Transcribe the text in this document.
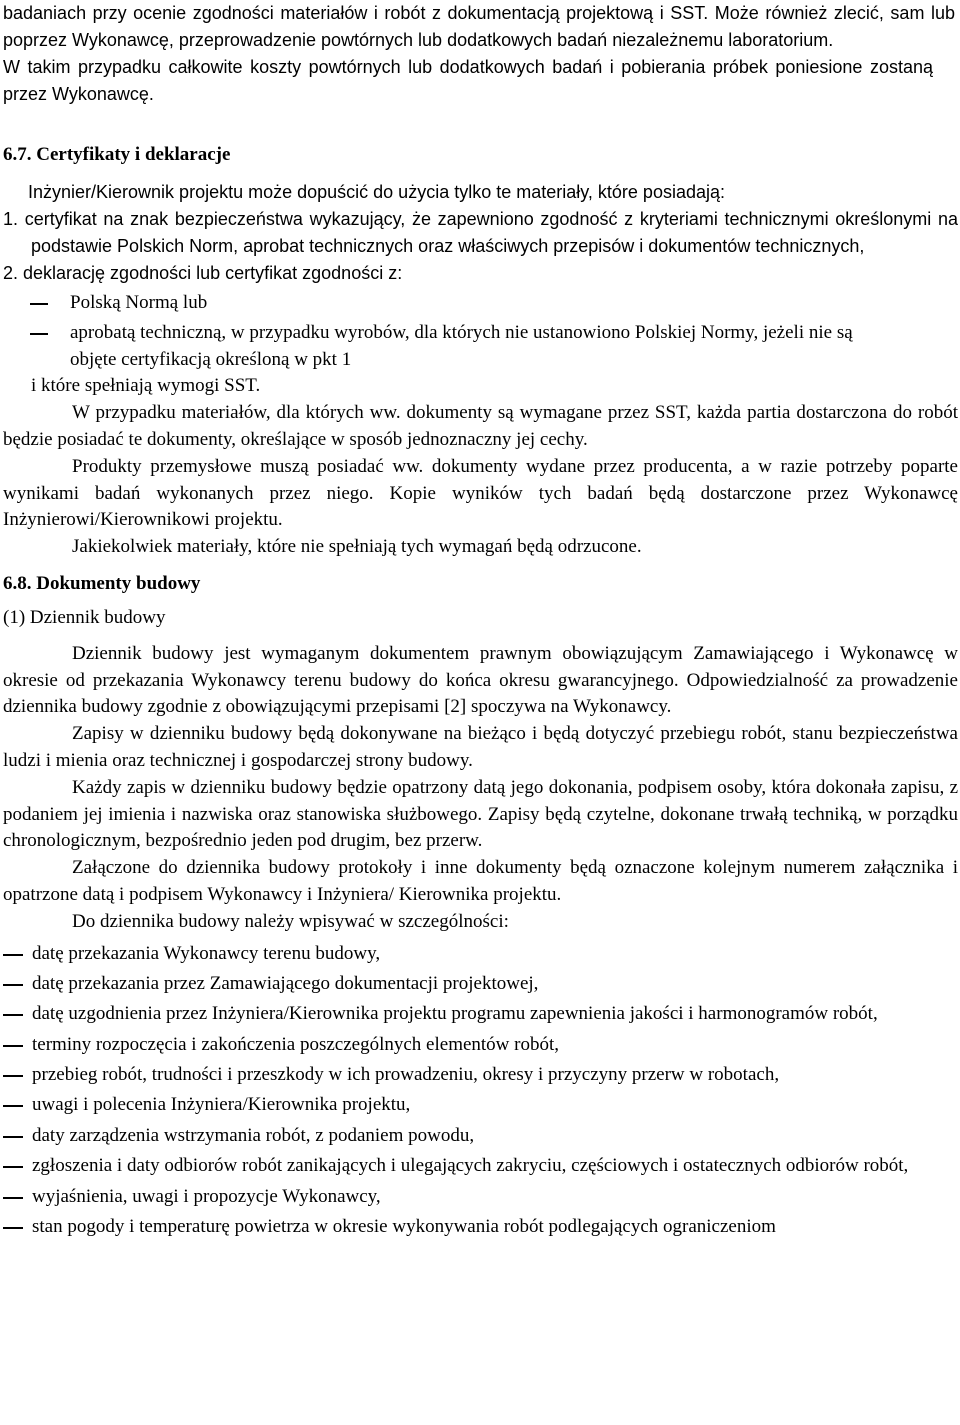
badaniach przy ocenie zgodności materiałów i robót z dokumentacją projektową i SST. Może również zlecić, sam lub poprzez Wykonawcę, przeprowadzenie powtórnych lub dodatkowych badań niezależnemu laboratorium.

W takim przypadku całkowite koszty powtórnych lub dodatkowych badań i pobierania próbek poniesione zostaną przez Wykonawcę.

6.7. Certyfikaty i deklaracje

Inżynier/Kierownik projektu może dopuścić do użycia tylko te materiały, które posiadają:

1. certyfikat na znak bezpieczeństwa wykazujący, że zapewniono zgodność z kryteriami technicznymi określonymi na podstawie Polskich Norm, aprobat technicznych oraz właściwych przepisów i dokumentów technicznych,
2. deklarację zgodności lub certyfikat zgodności z:
Polską Normą lub
aprobatą techniczną, w przypadku wyrobów, dla których nie ustanowiono Polskiej Normy, jeżeli nie są objęte certyfikacją określoną w pkt 1

i które spełniają wymogi SST.

W przypadku materiałów, dla których ww. dokumenty są wymagane przez SST, każda partia dostarczona do robót będzie posiadać te dokumenty, określające w sposób jednoznaczny jej cechy.

Produkty przemysłowe muszą posiadać ww. dokumenty wydane przez producenta, a w razie potrzeby poparte wynikami badań wykonanych przez niego. Kopie wyników tych badań będą dostarczone przez Wykonawcę Inżynierowi/Kierownikowi projektu.

Jakiekolwiek materiały, które nie spełniają tych wymagań będą odrzucone.

6.8. Dokumenty budowy

(1) Dziennik budowy

Dziennik budowy jest wymaganym dokumentem prawnym obowiązującym Zamawiającego i Wykonawcę w okresie od przekazania Wykonawcy terenu budowy do końca okresu gwarancyjnego. Odpowiedzialność za prowadzenie dziennika budowy zgodnie z obowiązującymi przepisami [2] spoczywa na Wykonawcy.

Zapisy w dzienniku budowy będą dokonywane na bieżąco i będą dotyczyć przebiegu robót, stanu bezpieczeństwa ludzi i mienia oraz technicznej i gospodarczej strony budowy.

Każdy zapis w dzienniku budowy będzie opatrzony datą jego dokonania, podpisem osoby, która dokonała zapisu, z podaniem jej imienia i nazwiska oraz stanowiska służbowego. Zapisy będą czytelne, dokonane trwałą techniką, w porządku chronologicznym, bezpośrednio jeden pod drugim, bez przerw.

Załączone do dziennika budowy protokoły i inne dokumenty będą oznaczone kolejnym numerem załącznika i opatrzone datą i podpisem Wykonawcy i Inżyniera/ Kierownika projektu.

Do dziennika budowy należy wpisywać w szczególności:

datę przekazania Wykonawcy terenu budowy,
datę przekazania przez Zamawiającego dokumentacji projektowej,
datę uzgodnienia przez Inżyniera/Kierownika projektu programu zapewnienia jakości i harmonogramów robót,
terminy rozpoczęcia i zakończenia poszczególnych elementów robót,
przebieg robót, trudności i przeszkody w ich prowadzeniu, okresy i przyczyny przerw w robotach,
uwagi i polecenia Inżyniera/Kierownika projektu,
daty zarządzenia wstrzymania robót, z podaniem powodu,
zgłoszenia i daty odbiorów robót zanikających i ulegających zakryciu, częściowych i ostatecznych odbiorów robót,
wyjaśnienia, uwagi i propozycje Wykonawcy,
stan pogody i temperaturę powietrza w okresie wykonywania robót podlegających ograniczeniom
